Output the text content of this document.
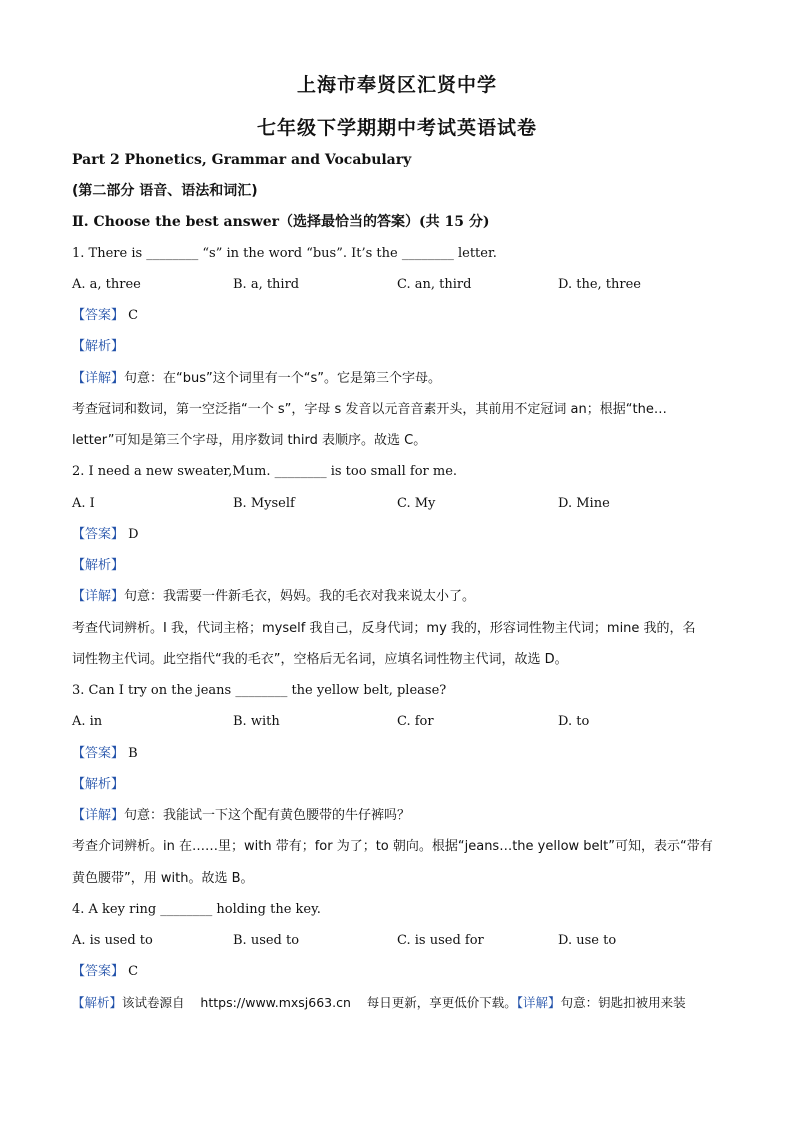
上海市奉贤区汇贤中学
七年级下学期期中考试英语试卷
Part 2 Phonetics, Grammar and Vocabulary
(第二部分 语音、语法和词汇)
Ⅱ. Choose the best answer（选择最恰当的答案）(共 15 分)
1. There is ________ “s” in the word “bus”. It’s the ________ letter.
A. a, three	B. a, third	C. an, third	D. the, three
【答案】 C
【解析】
【详解】句意：在“bus”这个词里有一个“s”。它是第三个字母。
考查冠词和数词，第一空泛指“一个 s”，字母 s 发音以元音音素开头，其前用不定冠词 an；根据“the…
letter”可知是第三个字母，用序数词 third 表顺序。故选 C。
2. I need a new sweater,Mum. ________ is too small for me.
A. I	B. Myself	C. My	D. Mine
【答案】 D
【解析】
【详解】句意：我需要一件新毛衣，妈妈。我的毛衣对我来说太小了。
考查代词辨析。I 我，代词主格；myself 我自己，反身代词；my 我的，形容词性物主代词；mine 我的，名
词性物主代词。此空指代“我的毛衣”，空格后无名词，应填名词性物主代词，故选 D。
3. Can I try on the jeans ________ the yellow belt, please?
A. in	B. with	C. for	D. to
【答案】 B
【解析】
【详解】句意：我能试一下这个配有黄色腰带的牛仔裤吗？
考查介词辨析。in 在……里；with 带有；for 为了；to 朝向。根据“jeans…the yellow belt”可知，表示“带有
黄色腰带”，用 with。故选 B。
4. A key ring ________ holding the key.
A. is used to	B. used to	C. is used for	D. use to
【答案】 C
【解析】该试卷源自    https://www.mxsj663.cn    每日更新，享更低价下载。【详解】句意：钥匙扣被用来装
